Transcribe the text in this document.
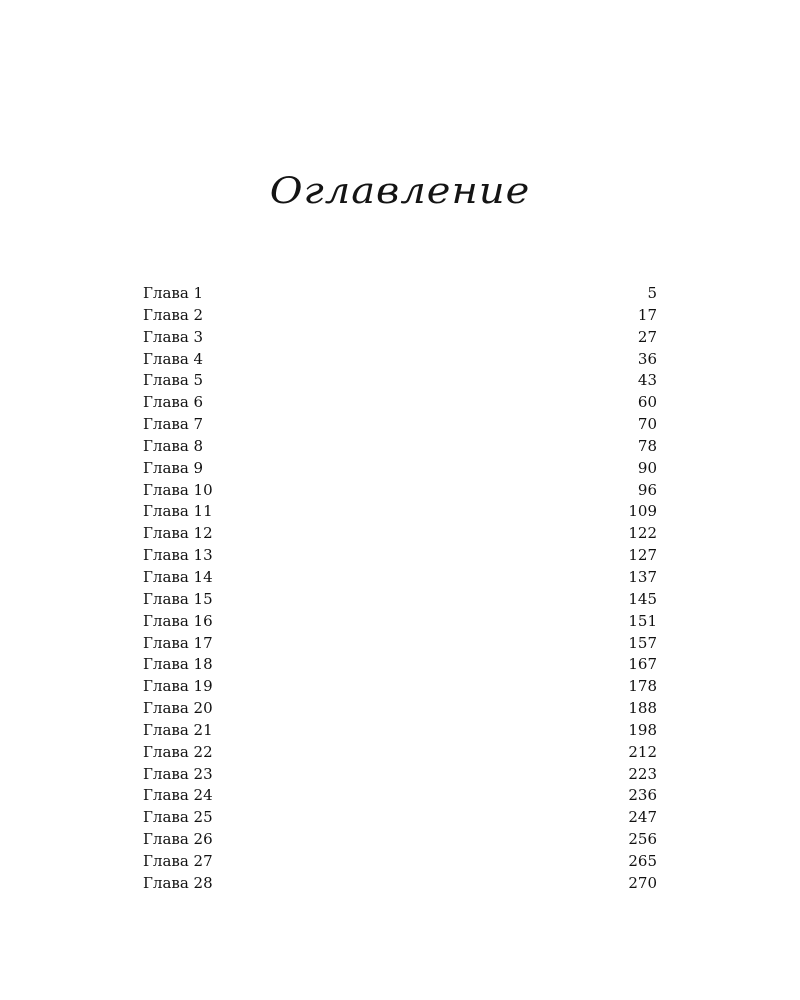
Оглавление
Глава 1	5
Глава 2	17
Глава 3	27
Глава 4	36
Глава 5	43
Глава 6	60
Глава 7	70
Глава 8	78
Глава 9	90
Глава 10	96
Глава 11	109
Глава 12	122
Глава 13	127
Глава 14	137
Глава 15	145
Глава 16	151
Глава 17	157
Глава 18	167
Глава 19	178
Глава 20	188
Глава 21	198
Глава 22	212
Глава 23	223
Глава 24	236
Глава 25	247
Глава 26	256
Глава 27	265
Глава 28	270
